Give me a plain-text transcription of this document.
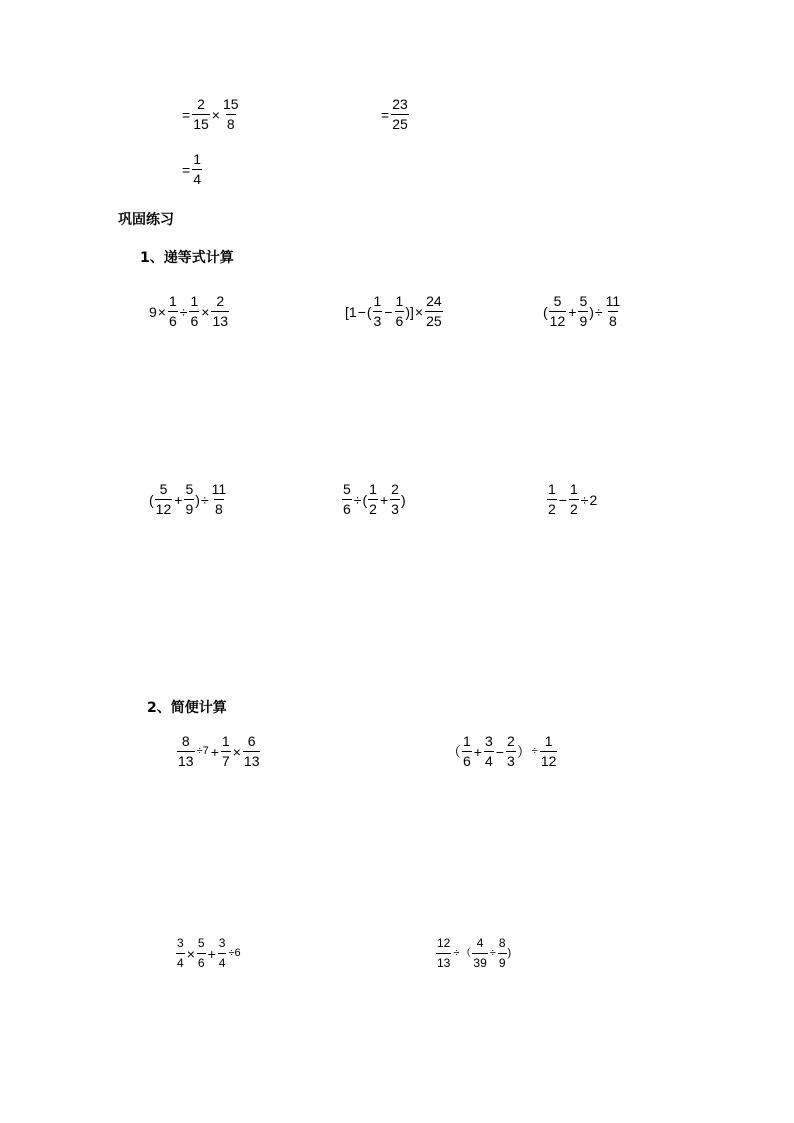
= $\frac{2}{15} \times \frac{15}{8}$
= $\frac{1}{4}$
= $\frac{23}{25}$
巩固练习
1、递等式计算
$9 \times \frac{1}{6} \div \frac{1}{6} \times \frac{2}{13}$	[1 − ( $\frac{1}{3} - \frac{1}{6}$ )] × $\frac{24}{25}$	( $\frac{5}{12} + \frac{5}{9}$ ) ÷ $\frac{11}{8}$
( $\frac{5}{12} + \frac{5}{9}$ ) ÷ $\frac{11}{8}$	$\frac{5}{6}$ ÷ ( $\frac{1}{2} + \frac{2}{3}$ )	$\frac{1}{2} - \frac{1}{2} \div 2$
2、简便计算
$\frac{8}{13} \div 7 + \frac{1}{7} \times \frac{6}{13}$	（ $\frac{1}{6} + \frac{3}{4} - \frac{2}{3}$ ） ÷ $\frac{1}{12}$
$\frac{3}{4} \times \frac{5}{6} + \frac{3}{4} \div 6$	$\frac{12}{13}$ ÷ （ $\frac{4}{39} \div \frac{8}{9}$ )
